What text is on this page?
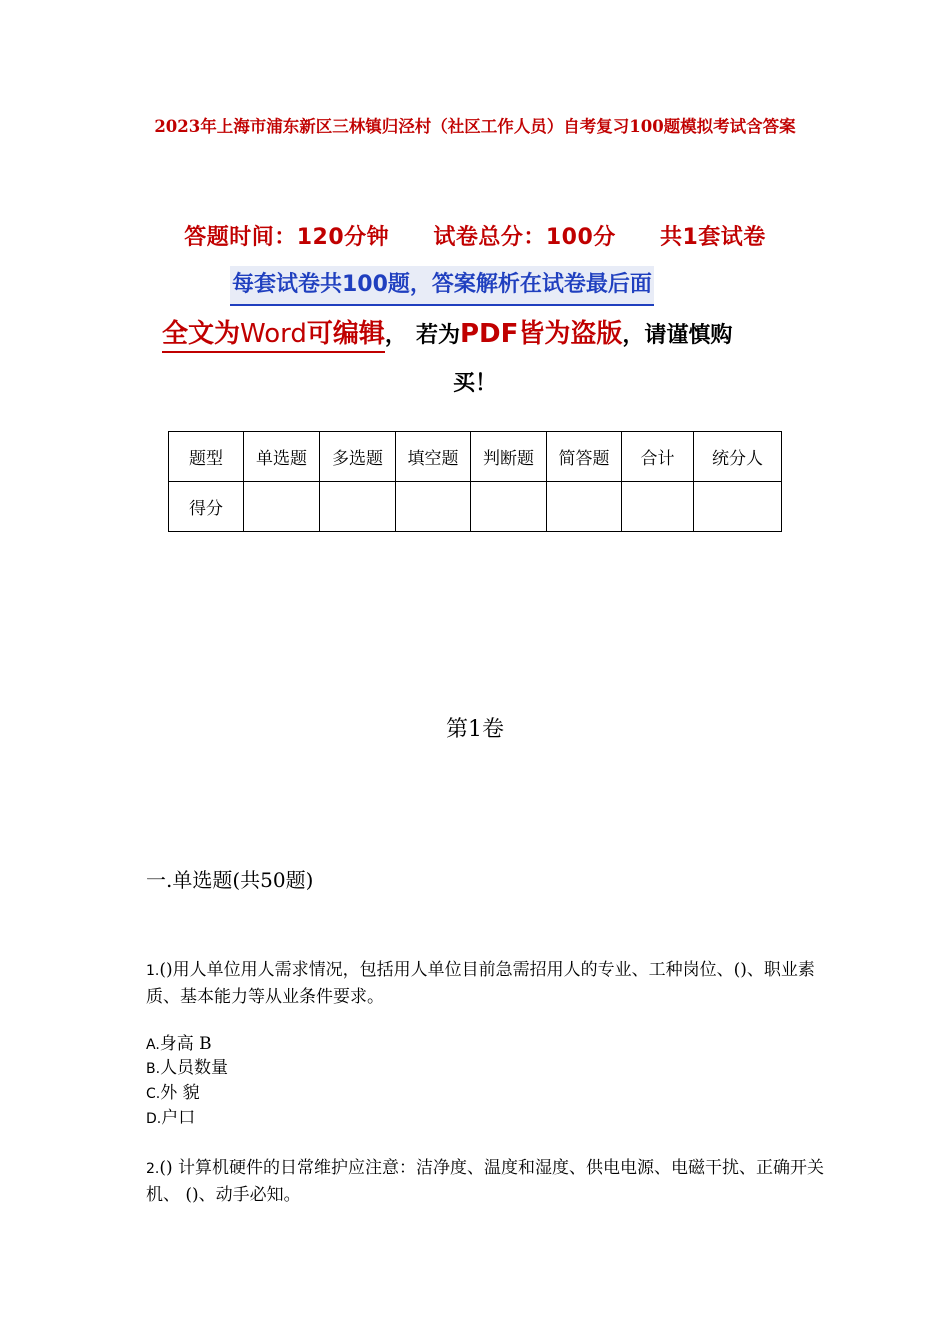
2023年上海市浦东新区三林镇归泾村（社区工作人员）自考复习100题模拟考试含答案
答题时间：120分钟 试卷总分：100分 共1套试卷
每套试卷共100题，答案解析在试卷最后面
全文为Word可编辑， 若为PDF皆为盗版，请谨慎购
买！
题型	单选题	多选题	填空题	判断题	简答题	合计	统分人
得分							
第1卷
一.单选题(共50题)
1.()用人单位用人需求情况，包括用人单位目前急需招用人的专业、工种岗位、()、职业素质、基本能力等从业条件要求。
A.身高 B
B.人员数量
C.外 貌
D.户口
2.() 计算机硬件的日常维护应注意：洁净度、温度和湿度、供电电源、电磁干扰、正确开关机、 ()、动手必知。
